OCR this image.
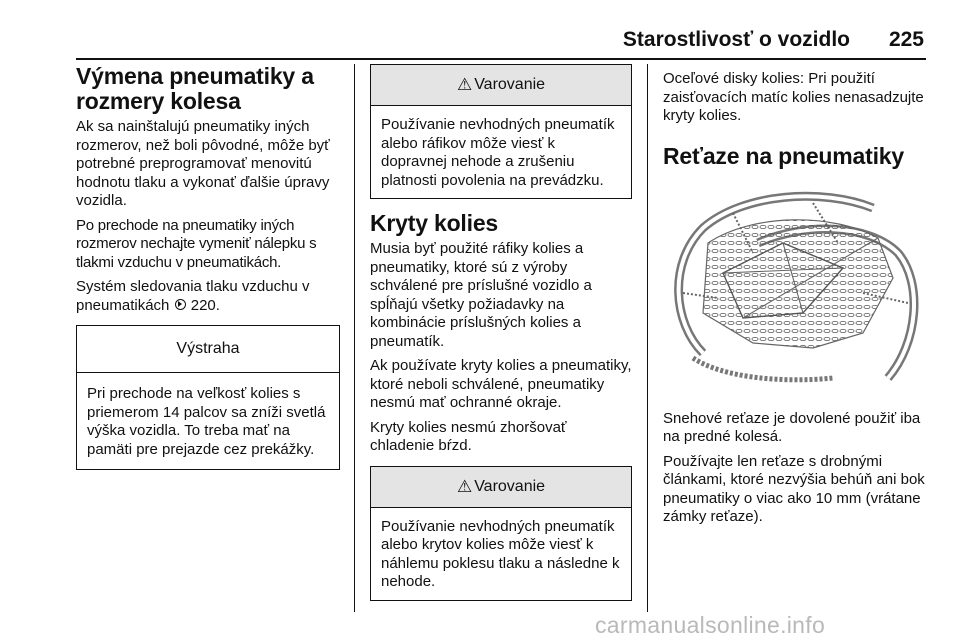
Starostlivosť o vozidlo 225
Výmena pneumatiky a rozmery kolesa

Ak sa nainštalujú pneumatiky iných rozmerov, než boli pôvodné, môže byť potrebné preprogramovať menovitú hodnotu tlaku a vykonať ďalšie úpravy vozidla.

Po prechode na pneumatiky iných rozmerov nechajte vymeniť nálepku s tlakmi vzduchu v pneumatikách.

Systém sledovania tlaku vzduchu v pneumatikách 220.

Výstraha
Pri prechode na veľkosť kolies s priemerom 14 palcov sa zníži svetlá výška vozidla. To treba mať na pamäti pre prejazde cez prekážky.
⚠ Varovanie
Používanie nevhodných pneumatík alebo ráfikov môže viesť k dopravnej nehode a zrušeniu platnosti povolenia na prevádzku.
Kryty kolies

Musia byť použité ráfiky kolies a pneumatiky, ktoré sú z výroby schválené pre príslušné vozidlo a spĺňajú všetky požiadavky na kombinácie príslušných kolies a pneumatík.

Ak používate kryty kolies a pneumatiky, ktoré neboli schválené, pneumatiky nesmú mať ochranné okraje.

Kryty kolies nesmú zhoršovať chladenie bŕzd.

⚠ Varovanie
Používanie nevhodných pneumatík alebo krytov kolies môže viesť k náhlemu poklesu tlaku a následne k nehode.

Oceľové disky kolies: Pri použití zaisťovacích matíc kolies nenasadzujte kryty kolies.

Reťaze na pneumatiky

Snehové reťaze je dovolené použiť iba na predné kolesá.

Používajte len reťaze s drobnými článkami, ktoré nezvýšia behúň ani bok pneumatiky o viac ako 10 mm (vrátane zámky reťaze).

carmanualsonline.info
